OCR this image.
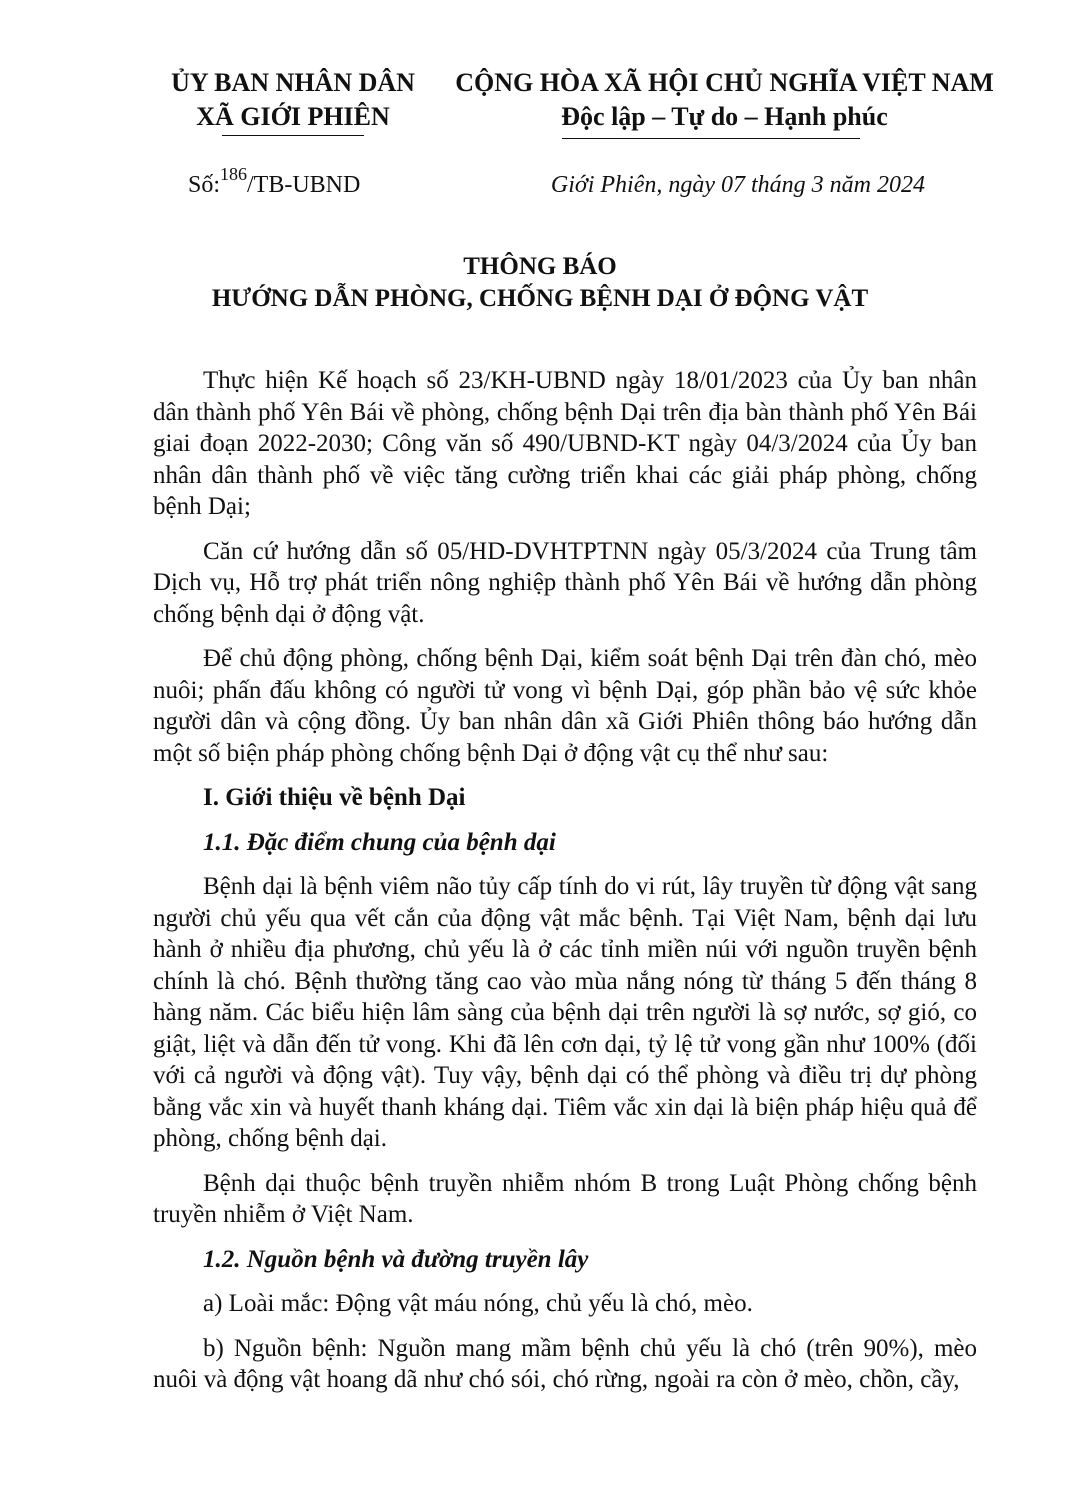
ỦY BAN NHÂN DÂN
XÃ GIỚI PHIÊN
CỘNG HÒA XÃ HỘI CHỦ NGHĨA VIỆT NAM
Độc lập – Tự do – Hạnh phúc
Số:$^{186}$/TB-UBND	Giới Phiên, ngày 07 tháng 3 năm 2024
THÔNG BÁO
HƯỚNG DẪN PHÒNG, CHỐNG BỆNH DẠI Ở ĐỘNG VẬT

Thực hiện Kế hoạch số 23/KH-UBND ngày 18/01/2023 của Ủy ban nhân dân thành phố Yên Bái về phòng, chống bệnh Dại trên địa bàn thành phố Yên Bái giai đoạn 2022-2030; Công văn số 490/UBND-KT ngày 04/3/2024 của Ủy ban nhân dân thành phố về việc tăng cường triển khai các giải pháp phòng, chống bệnh Dại;

Căn cứ hướng dẫn số 05/HD-DVHTPTNN ngày 05/3/2024 của Trung tâm Dịch vụ, Hỗ trợ phát triển nông nghiệp thành phố Yên Bái về hướng dẫn phòng chống bệnh dại ở động vật.

Để chủ động phòng, chống bệnh Dại, kiểm soát bệnh Dại trên đàn chó, mèo nuôi; phấn đấu không có người tử vong vì bệnh Dại, góp phần bảo vệ sức khỏe người dân và cộng đồng. Ủy ban nhân dân xã Giới Phiên thông báo hướng dẫn một số biện pháp phòng chống bệnh Dại ở động vật cụ thể như sau:

I. Giới thiệu về bệnh Dại

1.1. Đặc điểm chung của bệnh dại

Bệnh dại là bệnh viêm não tủy cấp tính do vi rút, lây truyền từ động vật sang người chủ yếu qua vết cắn của động vật mắc bệnh. Tại Việt Nam, bệnh dại lưu hành ở nhiều địa phương, chủ yếu là ở các tỉnh miền núi với nguồn truyền bệnh chính là chó. Bệnh thường tăng cao vào mùa nắng nóng từ tháng 5 đến tháng 8 hàng năm. Các biểu hiện lâm sàng của bệnh dại trên người là sợ nước, sợ gió, co giật, liệt và dẫn đến tử vong. Khi đã lên cơn dại, tỷ lệ tử vong gần như 100% (đối với cả người và động vật). Tuy vậy, bệnh dại có thể phòng và điều trị dự phòng bằng vắc xin và huyết thanh kháng dại. Tiêm vắc xin dại là biện pháp hiệu quả để phòng, chống bệnh dại.

Bệnh dại thuộc bệnh truyền nhiễm nhóm B trong Luật Phòng chống bệnh truyền nhiễm ở Việt Nam.

1.2. Nguồn bệnh và đường truyền lây

a) Loài mắc: Động vật máu nóng, chủ yếu là chó, mèo.

b) Nguồn bệnh: Nguồn mang mầm bệnh chủ yếu là chó (trên 90%), mèo nuôi và động vật hoang dã như chó sói, chó rừng, ngoài ra còn ở mèo, chồn, cầy,
